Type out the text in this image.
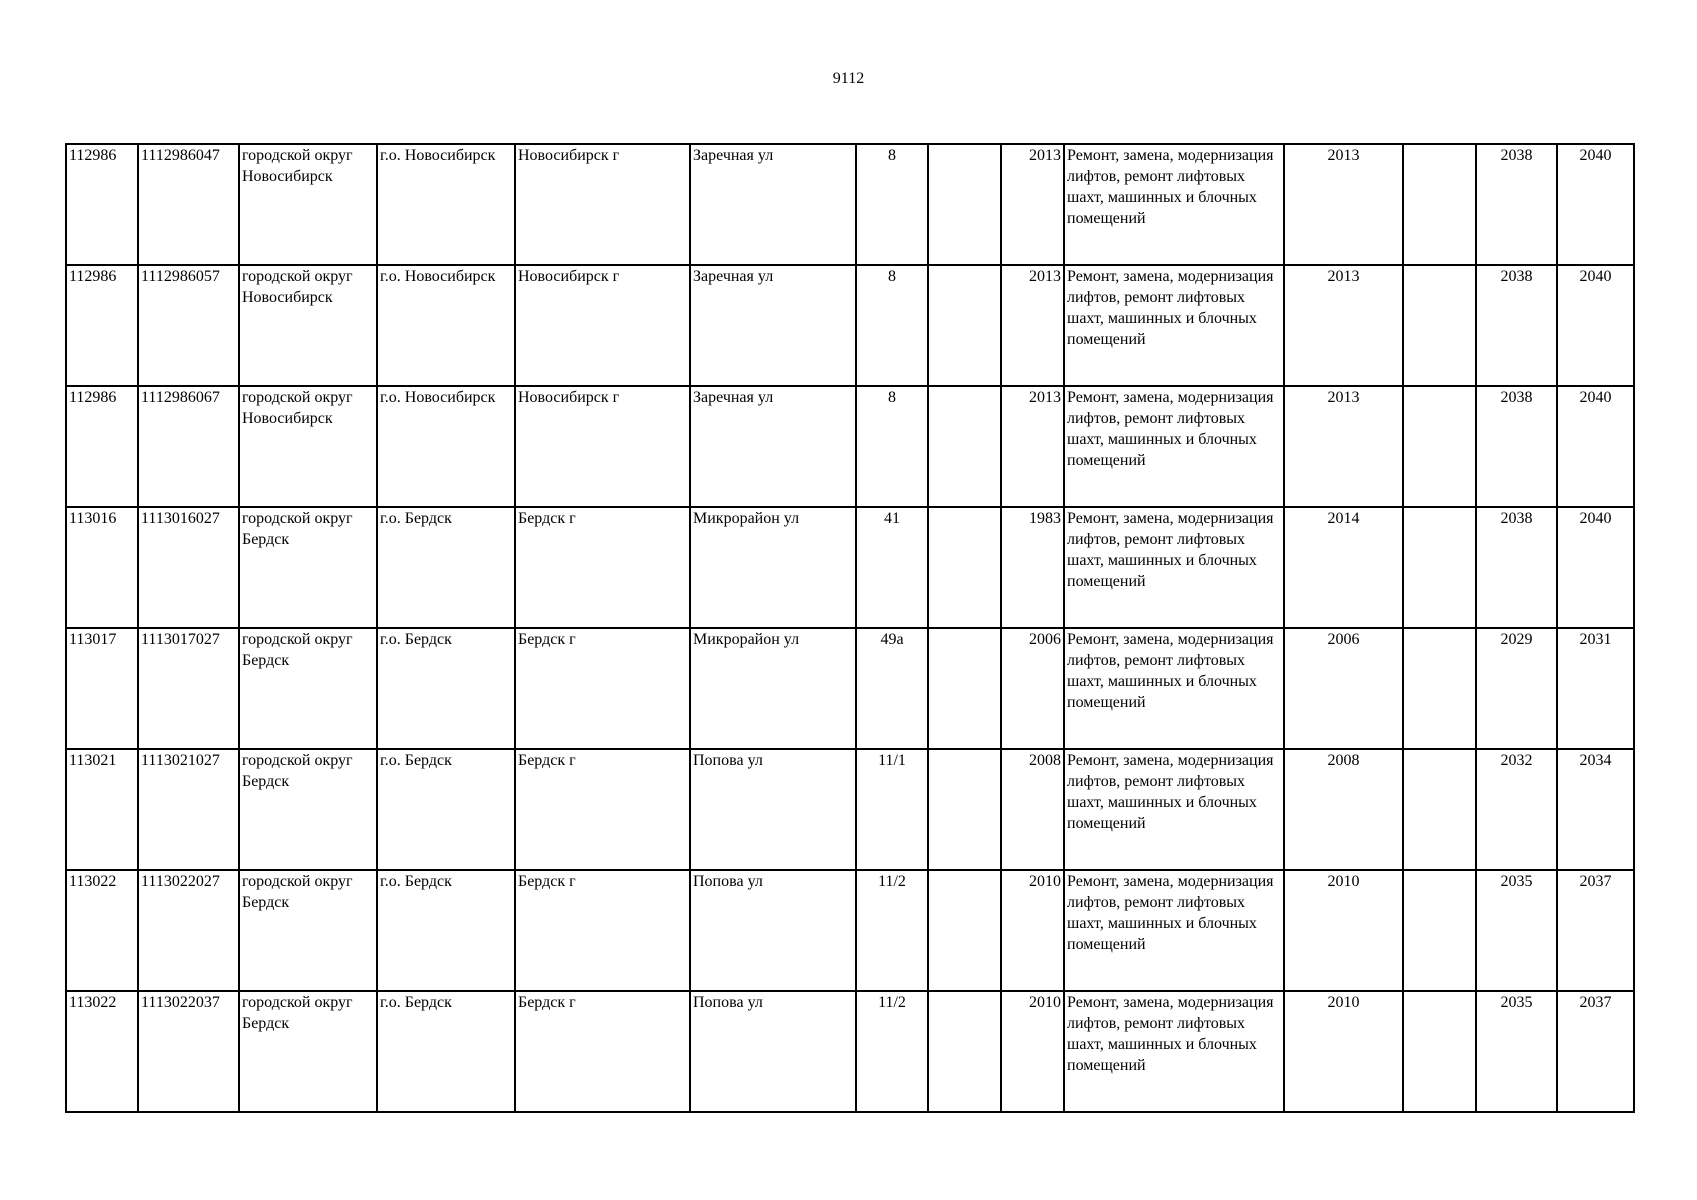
9112
112986	1112986047	городской округ Новосибирск	г.о. Новосибирск	Новосибирск г	Заречная ул	8		2013	Ремонт, замена, модернизация лифтов, ремонт лифтовых шахт, машинных и блочных помещений	2013		2038	2040
112986	1112986057	городской округ Новосибирск	г.о. Новосибирск	Новосибирск г	Заречная ул	8		2013	Ремонт, замена, модернизация лифтов, ремонт лифтовых шахт, машинных и блочных помещений	2013		2038	2040
112986	1112986067	городской округ Новосибирск	г.о. Новосибирск	Новосибирск г	Заречная ул	8		2013	Ремонт, замена, модернизация лифтов, ремонт лифтовых шахт, машинных и блочных помещений	2013		2038	2040
113016	1113016027	городской округ Бердск	г.о. Бердск	Бердск г	Микрорайон ул	41		1983	Ремонт, замена, модернизация лифтов, ремонт лифтовых шахт, машинных и блочных помещений	2014		2038	2040
113017	1113017027	городской округ Бердск	г.о. Бердск	Бердск г	Микрорайон ул	49а		2006	Ремонт, замена, модернизация лифтов, ремонт лифтовых шахт, машинных и блочных помещений	2006		2029	2031
113021	1113021027	городской округ Бердск	г.о. Бердск	Бердск г	Попова ул	11/1		2008	Ремонт, замена, модернизация лифтов, ремонт лифтовых шахт, машинных и блочных помещений	2008		2032	2034
113022	1113022027	городской округ Бердск	г.о. Бердск	Бердск г	Попова ул	11/2		2010	Ремонт, замена, модернизация лифтов, ремонт лифтовых шахт, машинных и блочных помещений	2010		2035	2037
113022	1113022037	городской округ Бердск	г.о. Бердск	Бердск г	Попова ул	11/2		2010	Ремонт, замена, модернизация лифтов, ремонт лифтовых шахт, машинных и блочных помещений	2010		2035	2037
